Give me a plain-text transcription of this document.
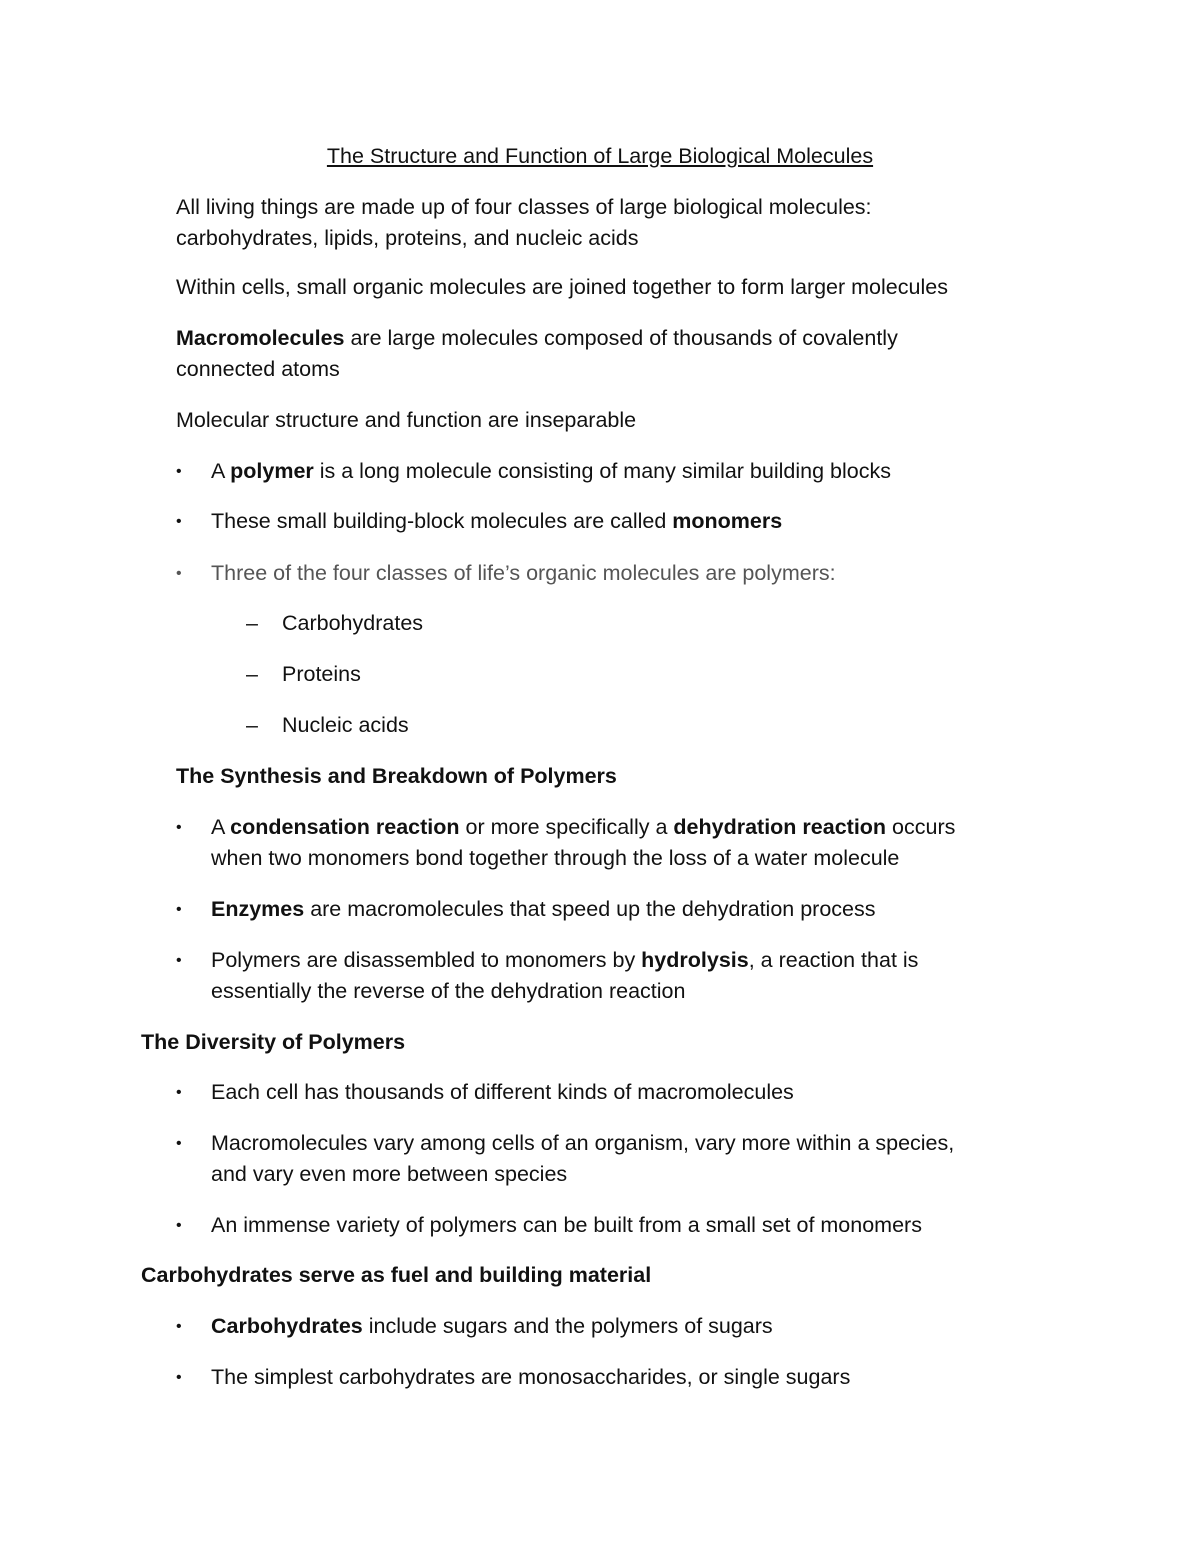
The Structure and Function of Large Biological Molecules

All living things are made up of four classes of large biological molecules:

carbohydrates, lipids, proteins, and nucleic acids

Within cells, small organic molecules are joined together to form larger molecules

Macromolecules are large molecules composed of thousands of covalently

connected atoms

Molecular structure and function are inseparable

• A polymer is a long molecule consisting of many similar building blocks

• These small building-block molecules are called monomers

• Three of the four classes of life’s organic molecules are polymers:

– Carbohydrates

– Proteins

– Nucleic acids

The Synthesis and Breakdown of Polymers

• A condensation reaction or more specifically a dehydration reaction occurs

when two monomers bond together through the loss of a water molecule

• Enzymes are macromolecules that speed up the dehydration process

• Polymers are disassembled to monomers by hydrolysis, a reaction that is

essentially the reverse of the dehydration reaction

The Diversity of Polymers

• Each cell has thousands of different kinds of macromolecules

• Macromolecules vary among cells of an organism, vary more within a species,

and vary even more between species

• An immense variety of polymers can be built from a small set of monomers

Carbohydrates serve as fuel and building material

• Carbohydrates include sugars and the polymers of sugars

• The simplest carbohydrates are monosaccharides, or single sugars
